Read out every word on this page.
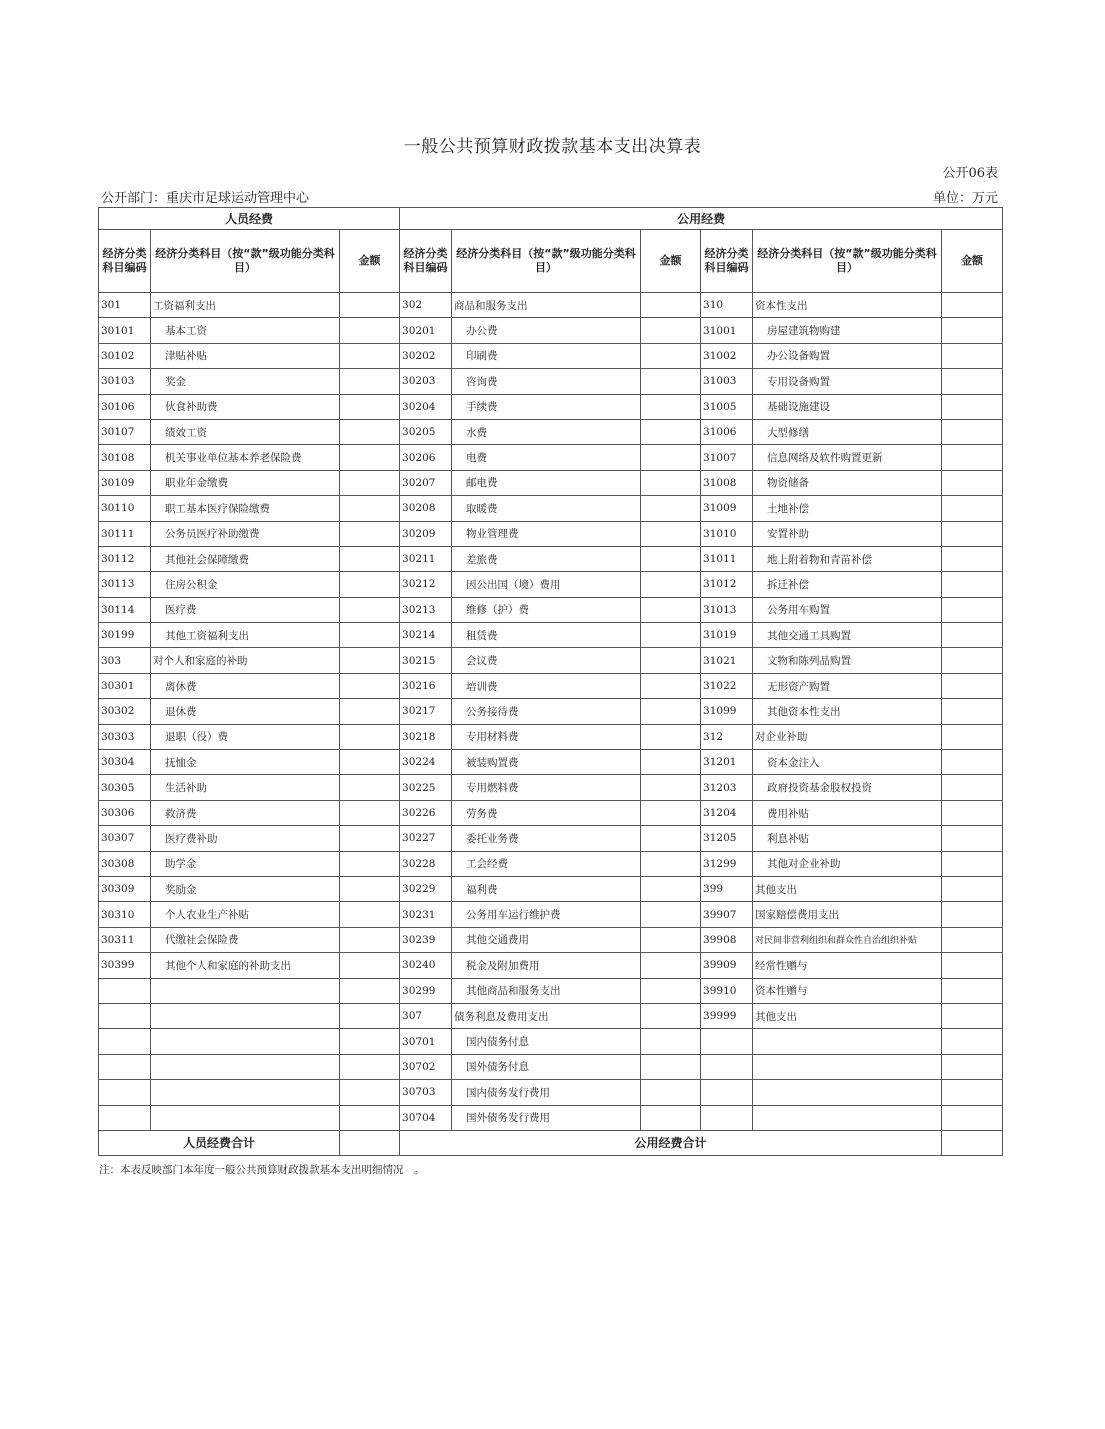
一般公共预算财政拨款基本支出决算表
公开06表
公开部门：重庆市足球运动管理中心	单位：万元
人员经费			公用经费					
经济分类科目编码	经济分类科目（按“款”级功能分类科目）	金额	经济分类科目编码	经济分类科目（按“款”级功能分类科目）	金额	经济分类科目编码	经济分类科目（按“款”级功能分类科目）	金额
301	工资福利支出		302	商品和服务支出		310	资本性支出	
30101	基本工资		30201	办公费		31001	房屋建筑物购建	
30102	津贴补贴		30202	印刷费		31002	办公设备购置	
30103	奖金		30203	咨询费		31003	专用设备购置	
30106	伙食补助费		30204	手续费		31005	基础设施建设	
30107	绩效工资		30205	水费		31006	大型修缮	
30108	机关事业单位基本养老保险费		30206	电费		31007	信息网络及软件购置更新	
30109	职业年金缴费		30207	邮电费		31008	物资储备	
30110	职工基本医疗保险缴费		30208	取暖费		31009	土地补偿	
30111	公务员医疗补助缴费		30209	物业管理费		31010	安置补助	
30112	其他社会保障缴费		30211	差旅费		31011	地上附着物和青苗补偿	
30113	住房公积金		30212	因公出国（境）费用		31012	拆迁补偿	
30114	医疗费		30213	维修（护）费		31013	公务用车购置	
30199	其他工资福利支出		30214	租赁费		31019	其他交通工具购置	
303	对个人和家庭的补助		30215	会议费		31021	文物和陈列品购置	
30301	离休费		30216	培训费		31022	无形资产购置	
30302	退休费		30217	公务接待费		31099	其他资本性支出	
30303	退职（役）费		30218	专用材料费		312	对企业补助	
30304	抚恤金		30224	被装购置费		31201	资本金注入	
30305	生活补助		30225	专用燃料费		31203	政府投资基金股权投资	
30306	救济费		30226	劳务费		31204	费用补贴	
30307	医疗费补助		30227	委托业务费		31205	利息补贴	
30308	助学金		30228	工会经费		31299	其他对企业补助	
30309	奖励金		30229	福利费		399	其他支出	
30310	个人农业生产补贴		30231	公务用车运行维护费		39907	国家赔偿费用支出	
30311	代缴社会保险费		30239	其他交通费用		39908	对民间非营利组织和群众性自治组织补贴	
30399	其他个人和家庭的补助支出		30240	税金及附加费用		39909	经常性赠与	
			30299	其他商品和服务支出		39910	资本性赠与	
			307	债务利息及费用支出		39999	其他支出	
			30701	国内债务付息				
			30702	国外债务付息				
			30703	国内债务发行费用				
			30704	国外债务发行费用				
人员经费合计			公用经费合计					
注：本表反映部门本年度一般公共预算财政拨款基本支出明细情况　。
